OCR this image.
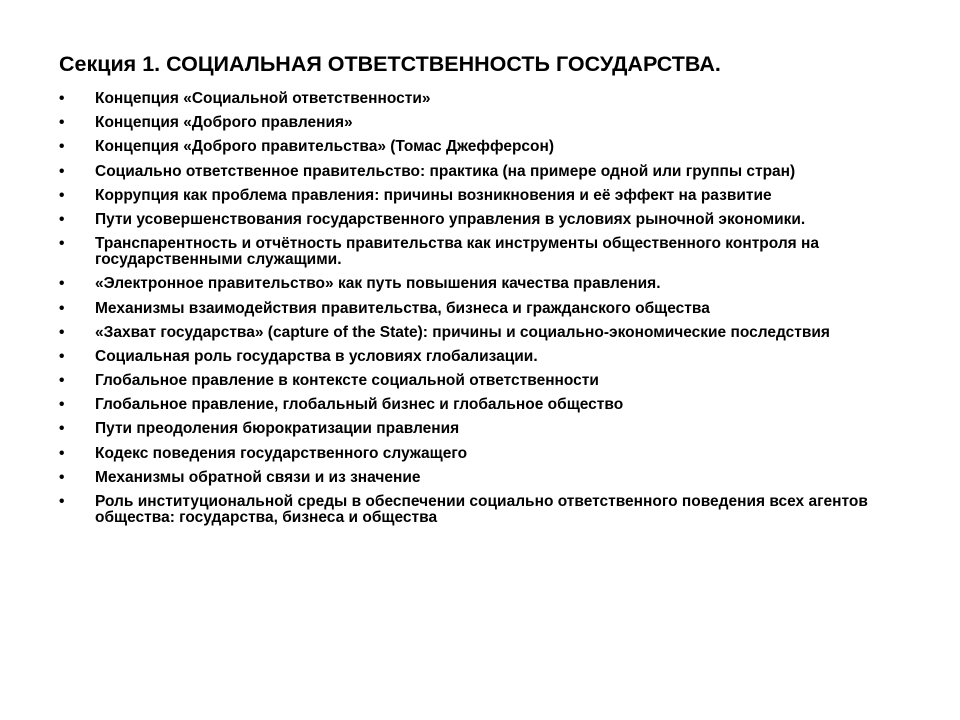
Секция 1. СОЦИАЛЬНАЯ ОТВЕТСТВЕННОСТЬ ГОСУДАРСТВА.
•	Концепция «Социальной ответственности»
•	Концепция «Доброго правления»
•	Концепция «Доброго правительства» (Томас Джефферсон)
•	Социально ответственное правительство: практика (на примере одной или группы стран)
•	Коррупция как проблема правления: причины возникновения и её эффект на развитие
•	Пути усовершенствования государственного управления в условиях рыночной экономики.
•	Транспарентность и отчётность правительства как инструменты общественного контроля на государственными служащими.
•	«Электронное правительство» как путь повышения качества правления.
•	Механизмы взаимодействия правительства, бизнеса и гражданского общества
•	«Захват государства» (capture of the State): причины и социально-экономические последствия
•	Социальная роль государства в условиях глобализации.
•	Глобальное правление в контексте социальной ответственности
•	Глобальное правление, глобальный бизнес и глобальное общество
•	Пути преодоления бюрократизации правления
•	Кодекс поведения государственного служащего
•	Механизмы обратной связи и из значение
•	Роль институциональной среды в обеспечении социально ответственного поведения всех агентов общества: государства, бизнеса и общества
